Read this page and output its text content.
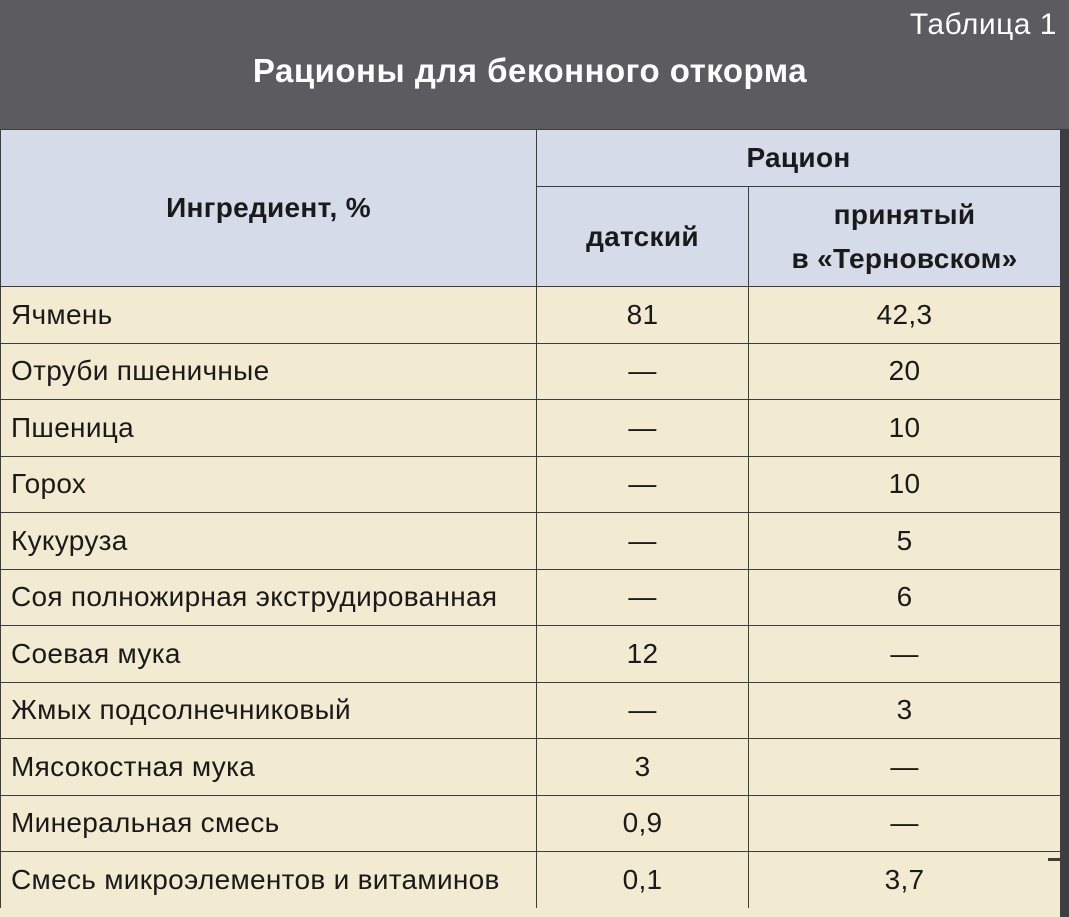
Таблица 1
Рационы для беконного откорма
Ингредиент, %	Рацион	
	датский	принятый
в «Терновском»
Ячмень	81	42,3
Отруби пшеничные	—	20
Пшеница	—	10
Горох	—	10
Кукуруза	—	5
Соя полножирная экструдированная	—	6
Соевая мука	12	—
Жмых подсолнечниковый	—	3
Мясокостная мука	3	—
Минеральная смесь	0,9	—
Смесь микроэлементов и витаминов	0,1	3,7
